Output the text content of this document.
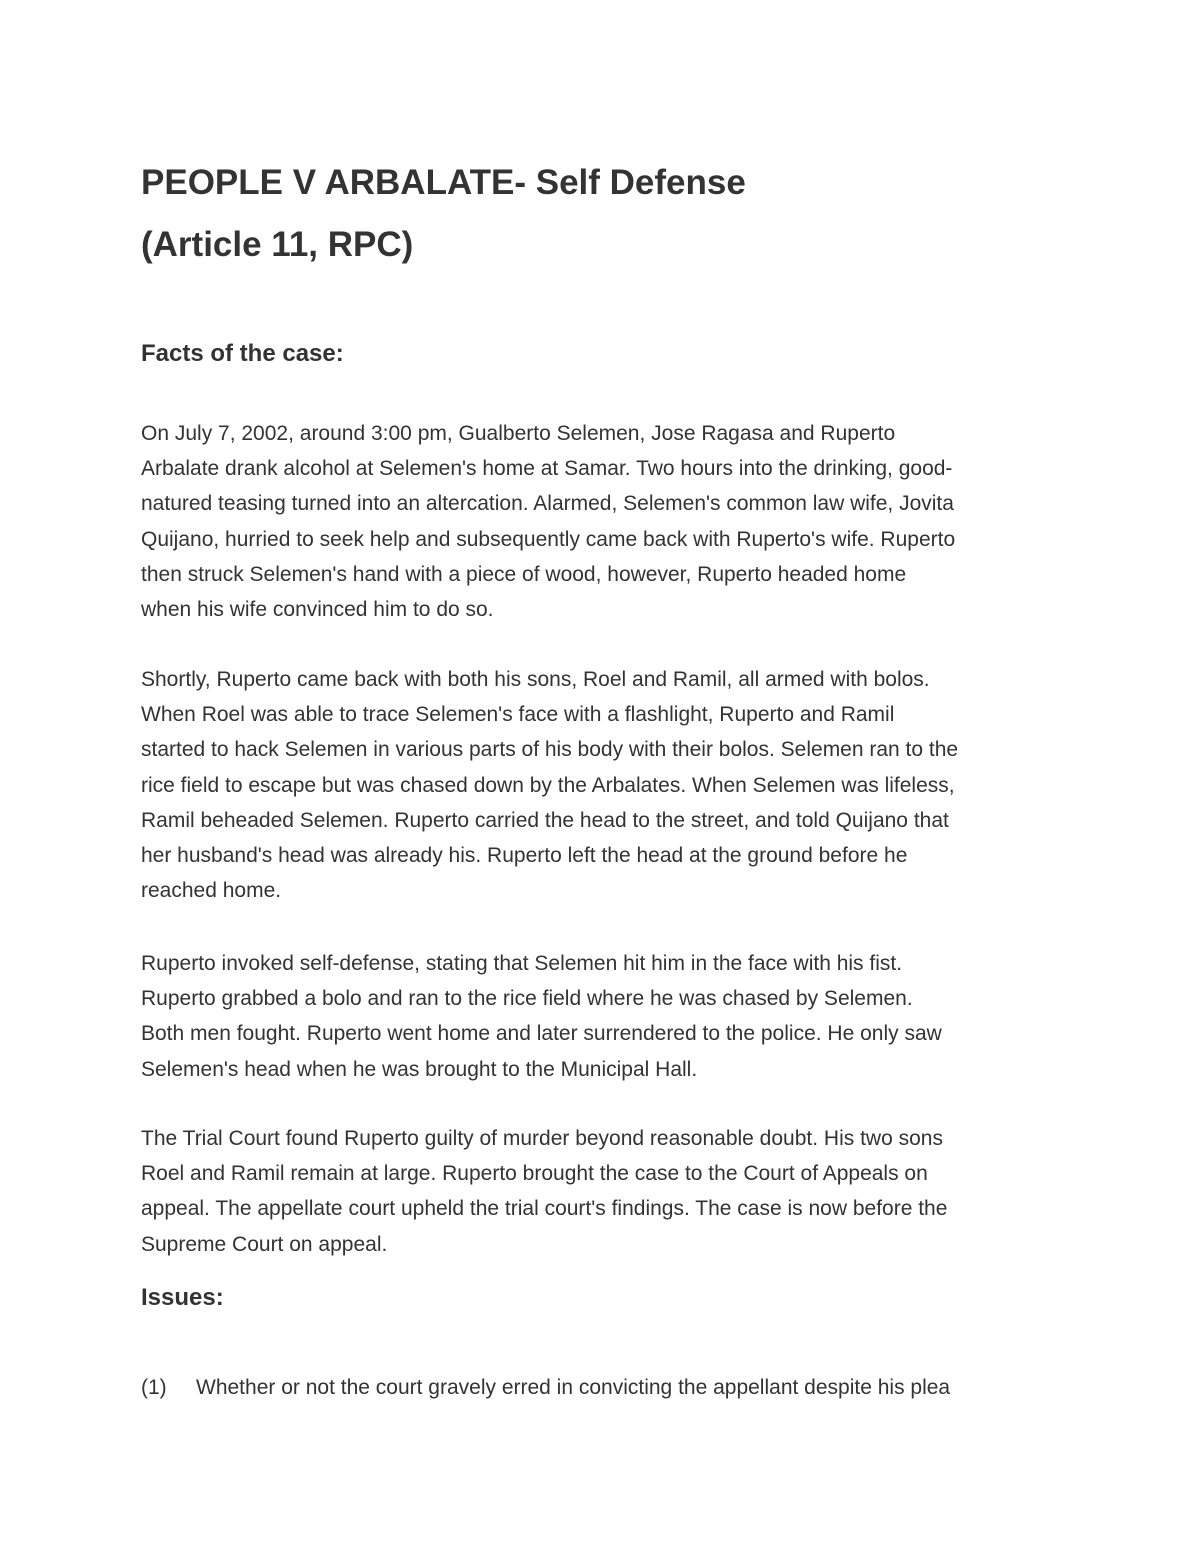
PEOPLE V ARBALATE- Self Defense
(Article 11, RPC)
Facts of the case:
On July 7, 2002, around 3:00 pm, Gualberto Selemen, Jose Ragasa and Ruperto
Arbalate drank alcohol at Selemen's home at Samar. Two hours into the drinking, good-
natured teasing turned into an altercation. Alarmed, Selemen's common law wife, Jovita
Quijano, hurried to seek help and subsequently came back with Ruperto's wife. Ruperto
then struck Selemen's hand with a piece of wood, however, Ruperto headed home
when his wife convinced him to do so.
Shortly, Ruperto came back with both his sons, Roel and Ramil, all armed with bolos.
When Roel was able to trace Selemen's face with a flashlight, Ruperto and Ramil
started to hack Selemen in various parts of his body with their bolos. Selemen ran to the
rice field to escape but was chased down by the Arbalates. When Selemen was lifeless,
Ramil beheaded Selemen. Ruperto carried the head to the street, and told Quijano that
her husband's head was already his. Ruperto left the head at the ground before he
reached home.
Ruperto invoked self-defense, stating that Selemen hit him in the face with his fist.
Ruperto grabbed a bolo and ran to the rice field where he was chased by Selemen.
Both men fought. Ruperto went home and later surrendered to the police. He only saw
Selemen's head when he was brought to the Municipal Hall.
The Trial Court found Ruperto guilty of murder beyond reasonable doubt. His two sons
Roel and Ramil remain at large. Ruperto brought the case to the Court of Appeals on
appeal. The appellate court upheld the trial court's findings. The case is now before the
Supreme Court on appeal.
Issues:
(1) Whether or not the court gravely erred in convicting the appellant despite his plea
